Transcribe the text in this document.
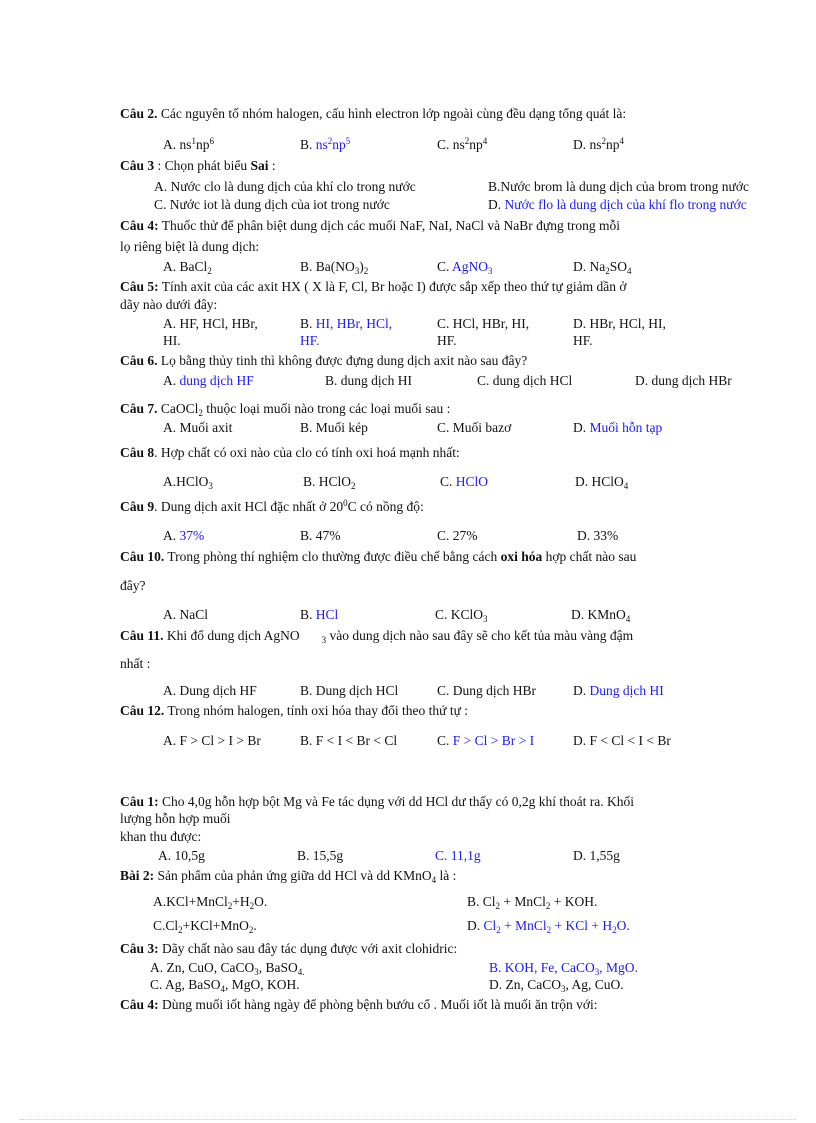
Câu 2. Các nguyên tố nhóm halogen, cấu hình electron lớp ngoài cùng đều dạng tổng quát là:
A. $ns^1np^6$	B. $ns^2np^5$	C. $ns^2np^4$	D. $ns^2np^4$
Câu 3 : Chọn phát biểu Sai :
A. Nước clo là dung dịch của khí clo trong nước	B.Nước brom là dung dịch của brom trong nước
C. Nước iot là dung dịch của iot trong nước	D. Nước flo là dung dịch của khí flo trong nước
Câu 4: Thuốc thử để phân biệt dung dịch các muối NaF, NaI, NaCl và NaBr đựng trong mỗi
lọ riêng biệt là dung dịch:
A. BaCl$_2$	B. $Ba(NO_3)_2$	C. AgNO$_3$	D. $Na_2SO_4$
Câu 5: Tính axit của các axit HX ( X là F, Cl, Br hoặc I) được sắp xếp theo thứ tự giảm dần ở
dãy nào dưới đây:
A. HF, HCl, HBr,
HI.
B. HI, HBr, HCl,
HF.
C. HCl, HBr, HI,
HF.
D. HBr, HCl, HI,
HF.
Câu 6. Lọ bằng thủy tinh thì không được đựng dung dịch axit nào sau đây?
A. dung dịch HF	B. dung dịch HI	C. dung dịch HCl	D. dung dịch HBr
Câu 7. CaOCl$_2$ thuộc loại muối nào trong các loại muối sau :
A. Muối axit	B. Muối kép	C. Muối bazơ	D. Muối hỗn tạp
Câu 8. Hợp chất có oxi nào của clo có tính oxi hoá mạnh nhất:
A.HClO$_3$	B. HClO$_2$	C. HClO	D. HClO$_4$
Câu 9. Dung dịch axit HCl đặc nhất ở $20^0C$ có nồng độ:
A. 37%	B. 47%	C. 27%	D. 33%
Câu 10. Trong phòng thí nghiệm clo thường được điều chế bằng cách oxi hóa hợp chất nào sau
đây?
A. NaCl	B. HCl	C. KClO$_3$	D. KMnO$_4$
Câu 11. Khi đổ dung dịch AgNO $_3$ vào dung dịch nào sau đây sẽ cho kết tủa màu vàng đậm
nhất :
A. Dung dịch HF	B. Dung dịch HCl	C. Dung dịch HBr	D. Dung dịch HI
Câu 12. Trong nhóm halogen, tính oxi hóa thay đổi theo thứ tự :
A. F > Cl > I > Br	B. F < I < Br < Cl	C. F > Cl > Br > I	D. F < Cl < I < Br
Câu 1: Cho 4,0g hỗn hợp bột Mg và Fe tác dụng với dd HCl dư thấy có 0,2g khí thoát ra. Khối
lượng hỗn hợp muối
khan thu được:
A. 10,5g	B. 15,5g	C. 11,1g	D. 1,55g
Bài 2: Sản phẩm của phản ứng giữa dd HCl và dd KMnO$_4$ là :
$A.KCl+MnCl_2+H_2O$.	B. $Cl_2$ + MnCl$_2$ + KOH.
$C.Cl_2+KCl+MnO_2$.	D. $Cl_2$ + MnCl$_2$ + KCl + $H_2O$.
Câu 3: Dãy chất nào sau đây tác dụng được với axit clohidric:
A. Zn, CuO, CaCO$_3$, BaSO$_{4.}$	B. KOH, Fe, CaCO$_3$, MgO.
C. Ag, BaSO$_4$, MgO, KOH.	D. Zn, CaCO$_3$, Ag, CuO.
Câu 4: Dùng muối iốt hàng ngày để phòng bệnh bướu cổ . Muối iốt là muối ăn trộn với:
